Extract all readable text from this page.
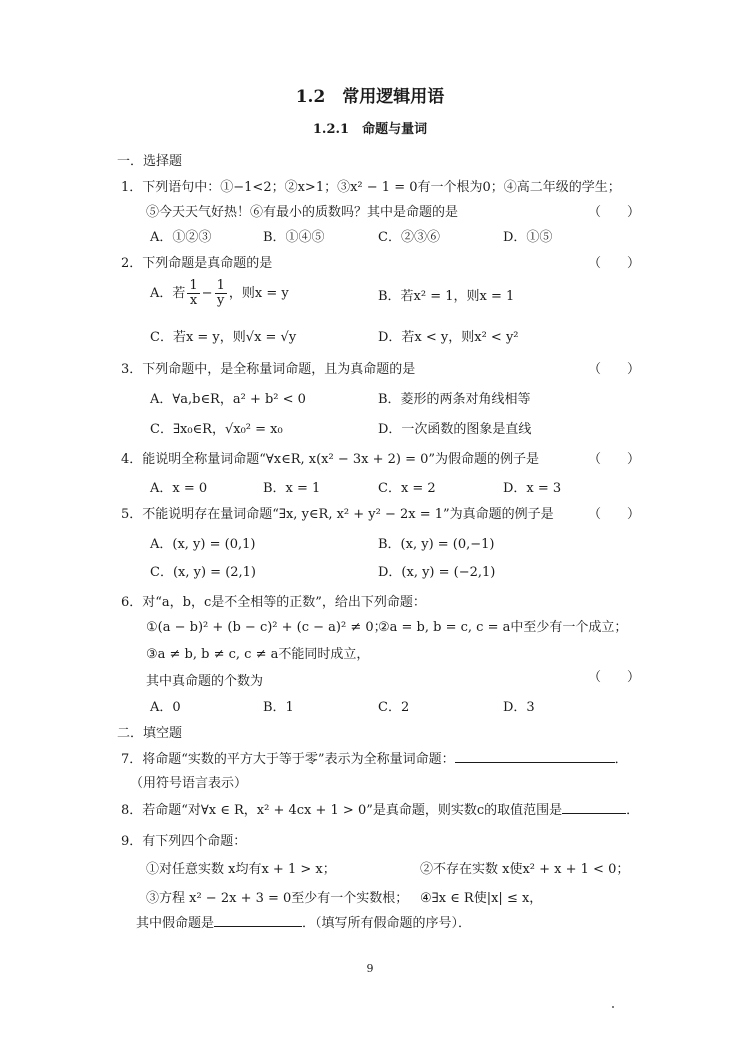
1.2　常用逻辑用语
1.2.1　命题与量词
一．选择题
1．下列语句中：①−1<2；②x>1；③x² − 1 = 0有一个根为0；④高二年级的学生；
⑤今天天气好热！⑥有最小的质数吗？其中是命题的是	（　　）
A．①②③	B．①④⑤	C．②③⑥	D．①⑤
2．下列命题是真命题的是	（　　）
A．若 $\frac{1}{x} - \frac{1}{y}$ ，则x = y	B．若x² = 1，则x = 1
C．若x = y，则√x = √y	D．若x < y，则x² < y²
3．下列命题中，是全称量词命题，且为真命题的是	（　　）
A．∀a,b∈R，a² + b² < 0	B．菱形的两条对角线相等
C．∃x₀∈R，√x₀² = x₀	D．一次函数的图象是直线
4．能说明全称量词命题“∀x∈R, x(x² − 3x + 2) = 0”为假命题的例子是	（　　）
A．x = 0	B．x = 1	C．x = 2	D．x = 3
5．不能说明存在量词命题“∃x, y∈R, x² + y² − 2x = 1”为真命题的例子是	（　　）
A．(x, y) = (0,1)	B．(x, y) = (0,−1)
C．(x, y) = (2,1)	D．(x, y) = (−2,1)
6．对“a，b，c是不全相等的正数”，给出下列命题：
①(a − b)² + (b − c)² + (c − a)² ≠ 0；
②a = b, b = c, c = a中至少有一个成立；
③a ≠ b, b ≠ c, c ≠ a不能同时成立，
其中真命题的个数为	（　　）
A．0	B．1	C．2	D．3
二．填空题
7．将命题“实数的平方大于等于零”表示为全称量词命题：	．
（用符号语言表示）
8．若命题“对∀x ∈ R，x² + 4cx + 1 > 0”是真命题，则实数c的取值范围是	．
9．有下列四个命题：
①对任意实数 x均有x + 1 > x；	②不存在实数 x使x² + x + 1 < 0；
③方程 x² − 2x + 3 = 0至少有一个实数根； ④∃x ∈ R使|x| ≤ x，
其中假命题是	．（填写所有假命题的序号）．
9
